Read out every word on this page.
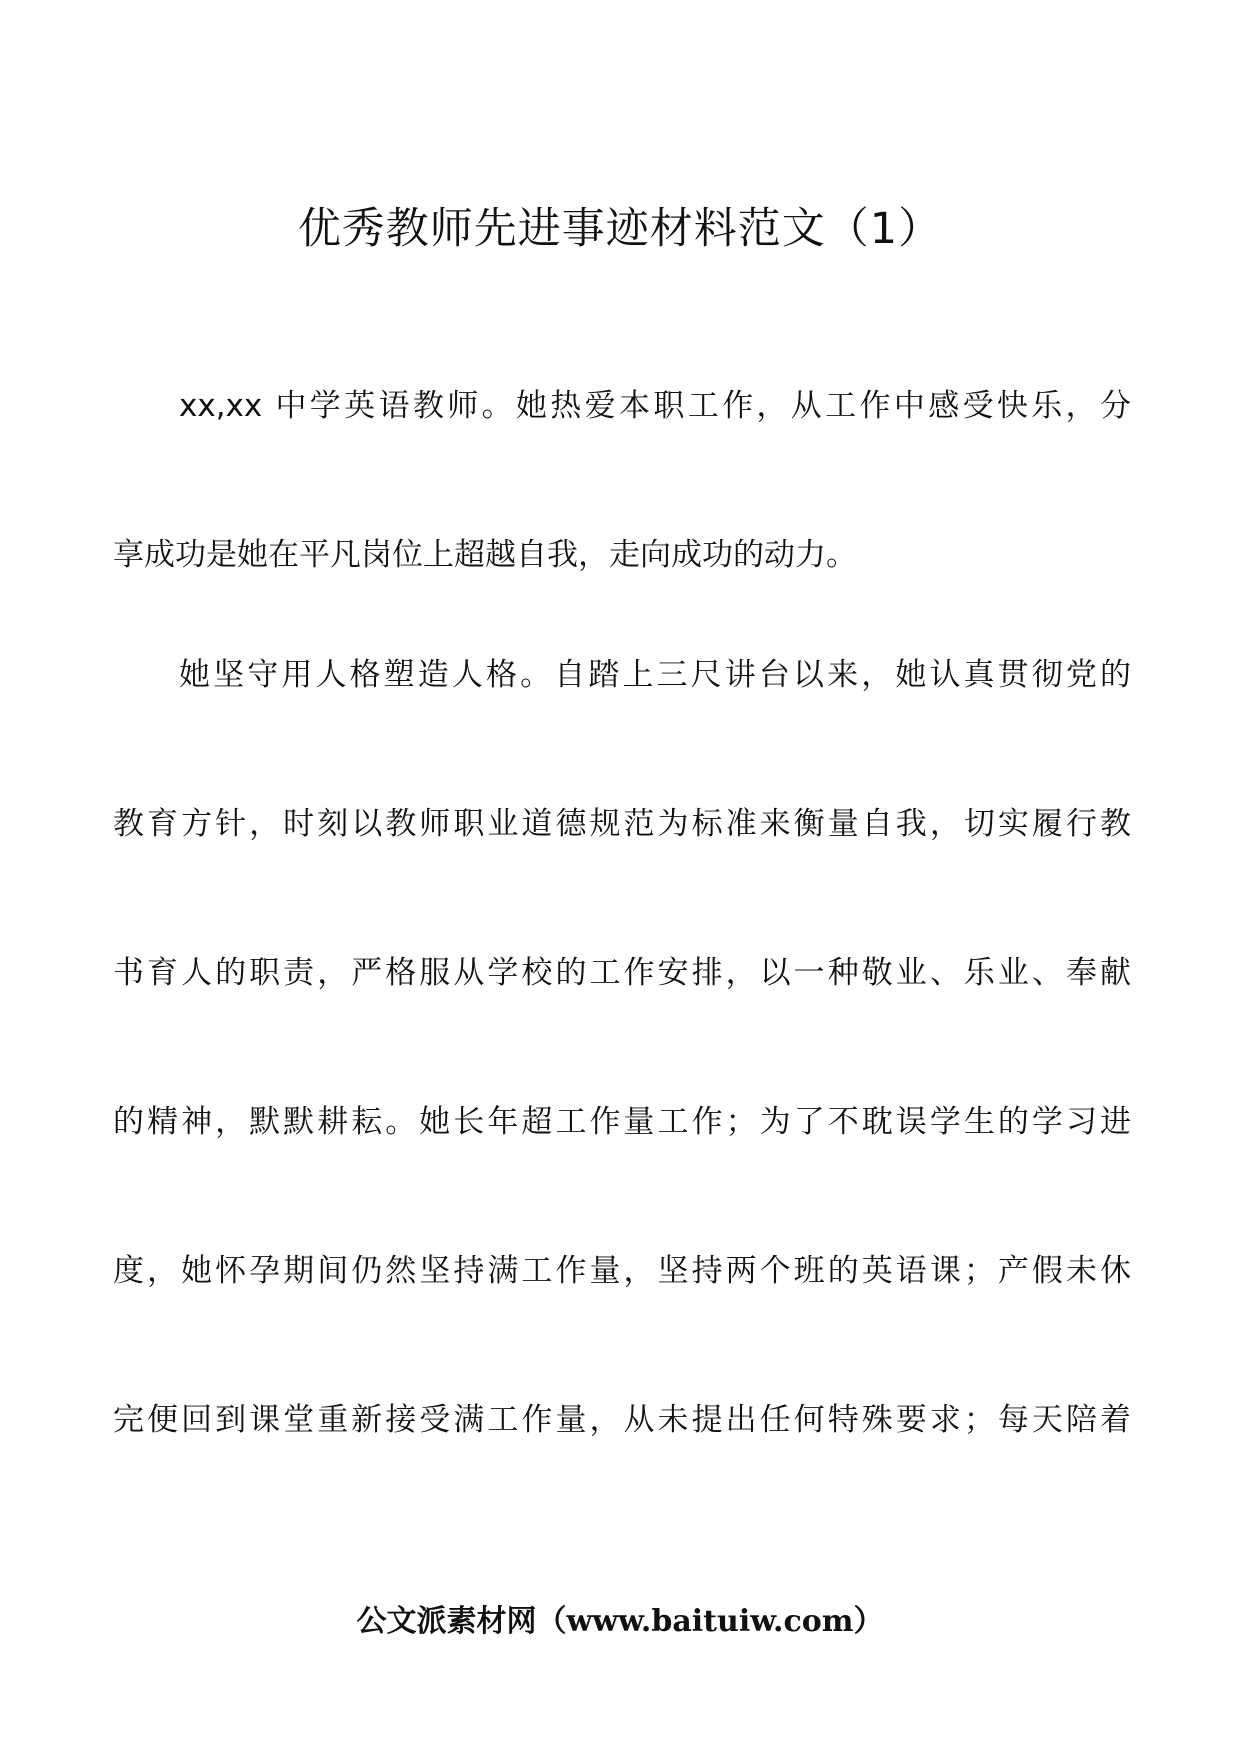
优秀教师先进事迹材料范文（1）
xx,xx 中学英语教师。她热爱本职工作，从工作中感受快乐，分
享成功是她在平凡岗位上超越自我，走向成功的动力。
她坚守用人格塑造人格。自踏上三尺讲台以来，她认真贯彻党的
教育方针，时刻以教师职业道德规范为标准来衡量自我，切实履行教
书育人的职责，严格服从学校的工作安排，以一种敬业、乐业、奉献
的精神，默默耕耘。她长年超工作量工作；为了不耽误学生的学习进
度，她怀孕期间仍然坚持满工作量，坚持两个班的英语课；产假未休
完便回到课堂重新接受满工作量，从未提出任何特殊要求；每天陪着
公文派素材网（www.baituiw.com）
